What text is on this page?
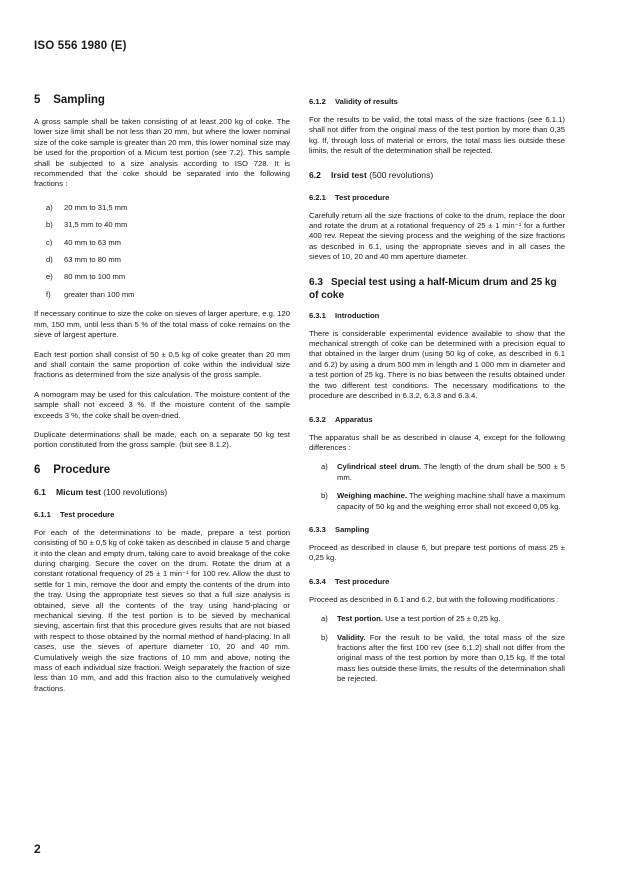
ISO 556 1980 (E)
5 Sampling

A gross sample shall be taken consisting of at least 200 kg of coke. The lower size limit shall be not less than 20 mm, but where the lower nominal size of the coke sample is greater than 20 mm, this lower nominal size may be used for the proportion of a Micum test portion (see 7.2). This sample shall be subjected to a size analysis according to ISO 728. It is recommended that the coke should be separated into the following fractions :

a)	20 mm to 31,5 mm
b)	31,5 mm to 40 mm
c)	40 mm to 63 mm
d)	63 mm to 80 mm
e)	80 mm to 100 mm
f)	greater than 100 mm

If necessary continue to size the coke on sieves of larger aperture, e.g. 120 mm, 150 mm, until less than 5 % of the total mass of coke remains on the sieve of largest aperture.

Each test portion shall consist of 50 ± 0,5 kg of coke greater than 20 mm and shall contain the same proportion of coke within the individual size fractions as determined from the size analysis of the gross sample.

A nomogram may be used for this calculation. The moisture content of the sample shall not exceed 3 %. If the moisture content of the sample exceeds 3 %, the coke shall be oven-dried.

Duplicate determinations shall be made, each on a separate 50 kg test portion constituted from the gross sample. (but see 8.1.2).

6 Procedure
6.1 Micum test (100 revolutions)
6.1.1 Test procedure

For each of the determinations to be made, prepare a test portion consisting of 50 ± 0,5 kg of coke taken as described in clause 5 and charge it into the clean and empty drum, taking care to avoid breakage of the coke during charging. Secure the cover on the drum. Rotate the drum at a constant rotational frequency of 25 ± 1 min⁻¹ for 100 rev. Allow the dust to settle for 1 min, remove the door and empty the contents of the drum into the tray. Using the appropriate test sieves so that a full size analysis is obtained, sieve all the contents of the tray using hand-placing or mechanical sieving. If the test portion is to be sieved by mechanical sieving, ascertain first that this procedure gives results that are not biased with respect to those obtained by the normal method of hand-placing. In all cases, use the sieves of aperture diameter 10, 20 and 40 mm. Cumulatively weigh the size fractions of 10 mm and above, noting the mass of each individual size fraction. Weigh separately the fraction of size less than 10 mm, and add this fraction also to the cumulatively weighed fractions.

6.1.2 Validity of results

For the results to be valid, the total mass of the size fractions (see 6.1.1) shall not differ from the original mass of the test portion by more than 0,35 kg. If, through loss of material or errors, the total mass lies outside these limits, the result of the determination shall be rejected.

6.2 Irsid test (500 revolutions)
6.2.1 Test procedure

Carefully return all the size fractions of coke to the drum, replace the door and rotate the drum at a rotational frequency of 25 ± 1 min⁻¹ for a further 400 rev. Repeat the sieving process and the weighing of the size fractions as described in 6.1, using the appropriate sieves and in all cases the sieves of 10, 20 and 40 mm aperture diameter.

6.3 Special test using a half-Micum drum and 25 kg of coke
6.3.1 Introduction

There is considerable experimental evidence available to show that the mechanical strength of coke can be determined with a precision equal to that obtained in the larger drum (using 50 kg of coke, as described in 6.1 and 6.2) by using a drum 500 mm in length and 1 000 mm in diameter and a test portion of 25 kg. There is no bias between the results obtained under the two different test conditions. The necessary modifications to the procedure are described in 6.3.2, 6.3.3 and 6.3.4.

6.3.2 Apparatus

The apparatus shall be as described in clause 4, except for the following differences :

a)	Cylindrical steel drum. The length of the drum shall be 500 ± 5 mm.
b)	Weighing machine. The weighing machine shall have a maximum capacity of 50 kg and the weighing error shall not exceed 0,05 kg.
6.3.3 Sampling

Proceed as described in clause 6, but prepare test portions of mass 25 ± 0,25 kg.

6.3.4 Test procedure

Proceed as described in 6.1 and 6.2, but with the following modifications :

a)	Test portion. Use a test portion of 25 ± 0,25 kg.
b)	Validity. For the result to be valid, the total mass of the size fractions after the first 100 rev (see 6.1.2) shall not differ from the original mass of the test portion by more than 0,15 kg. If the total mass lies outside these limits, the results of the determination shall be rejected.
2
